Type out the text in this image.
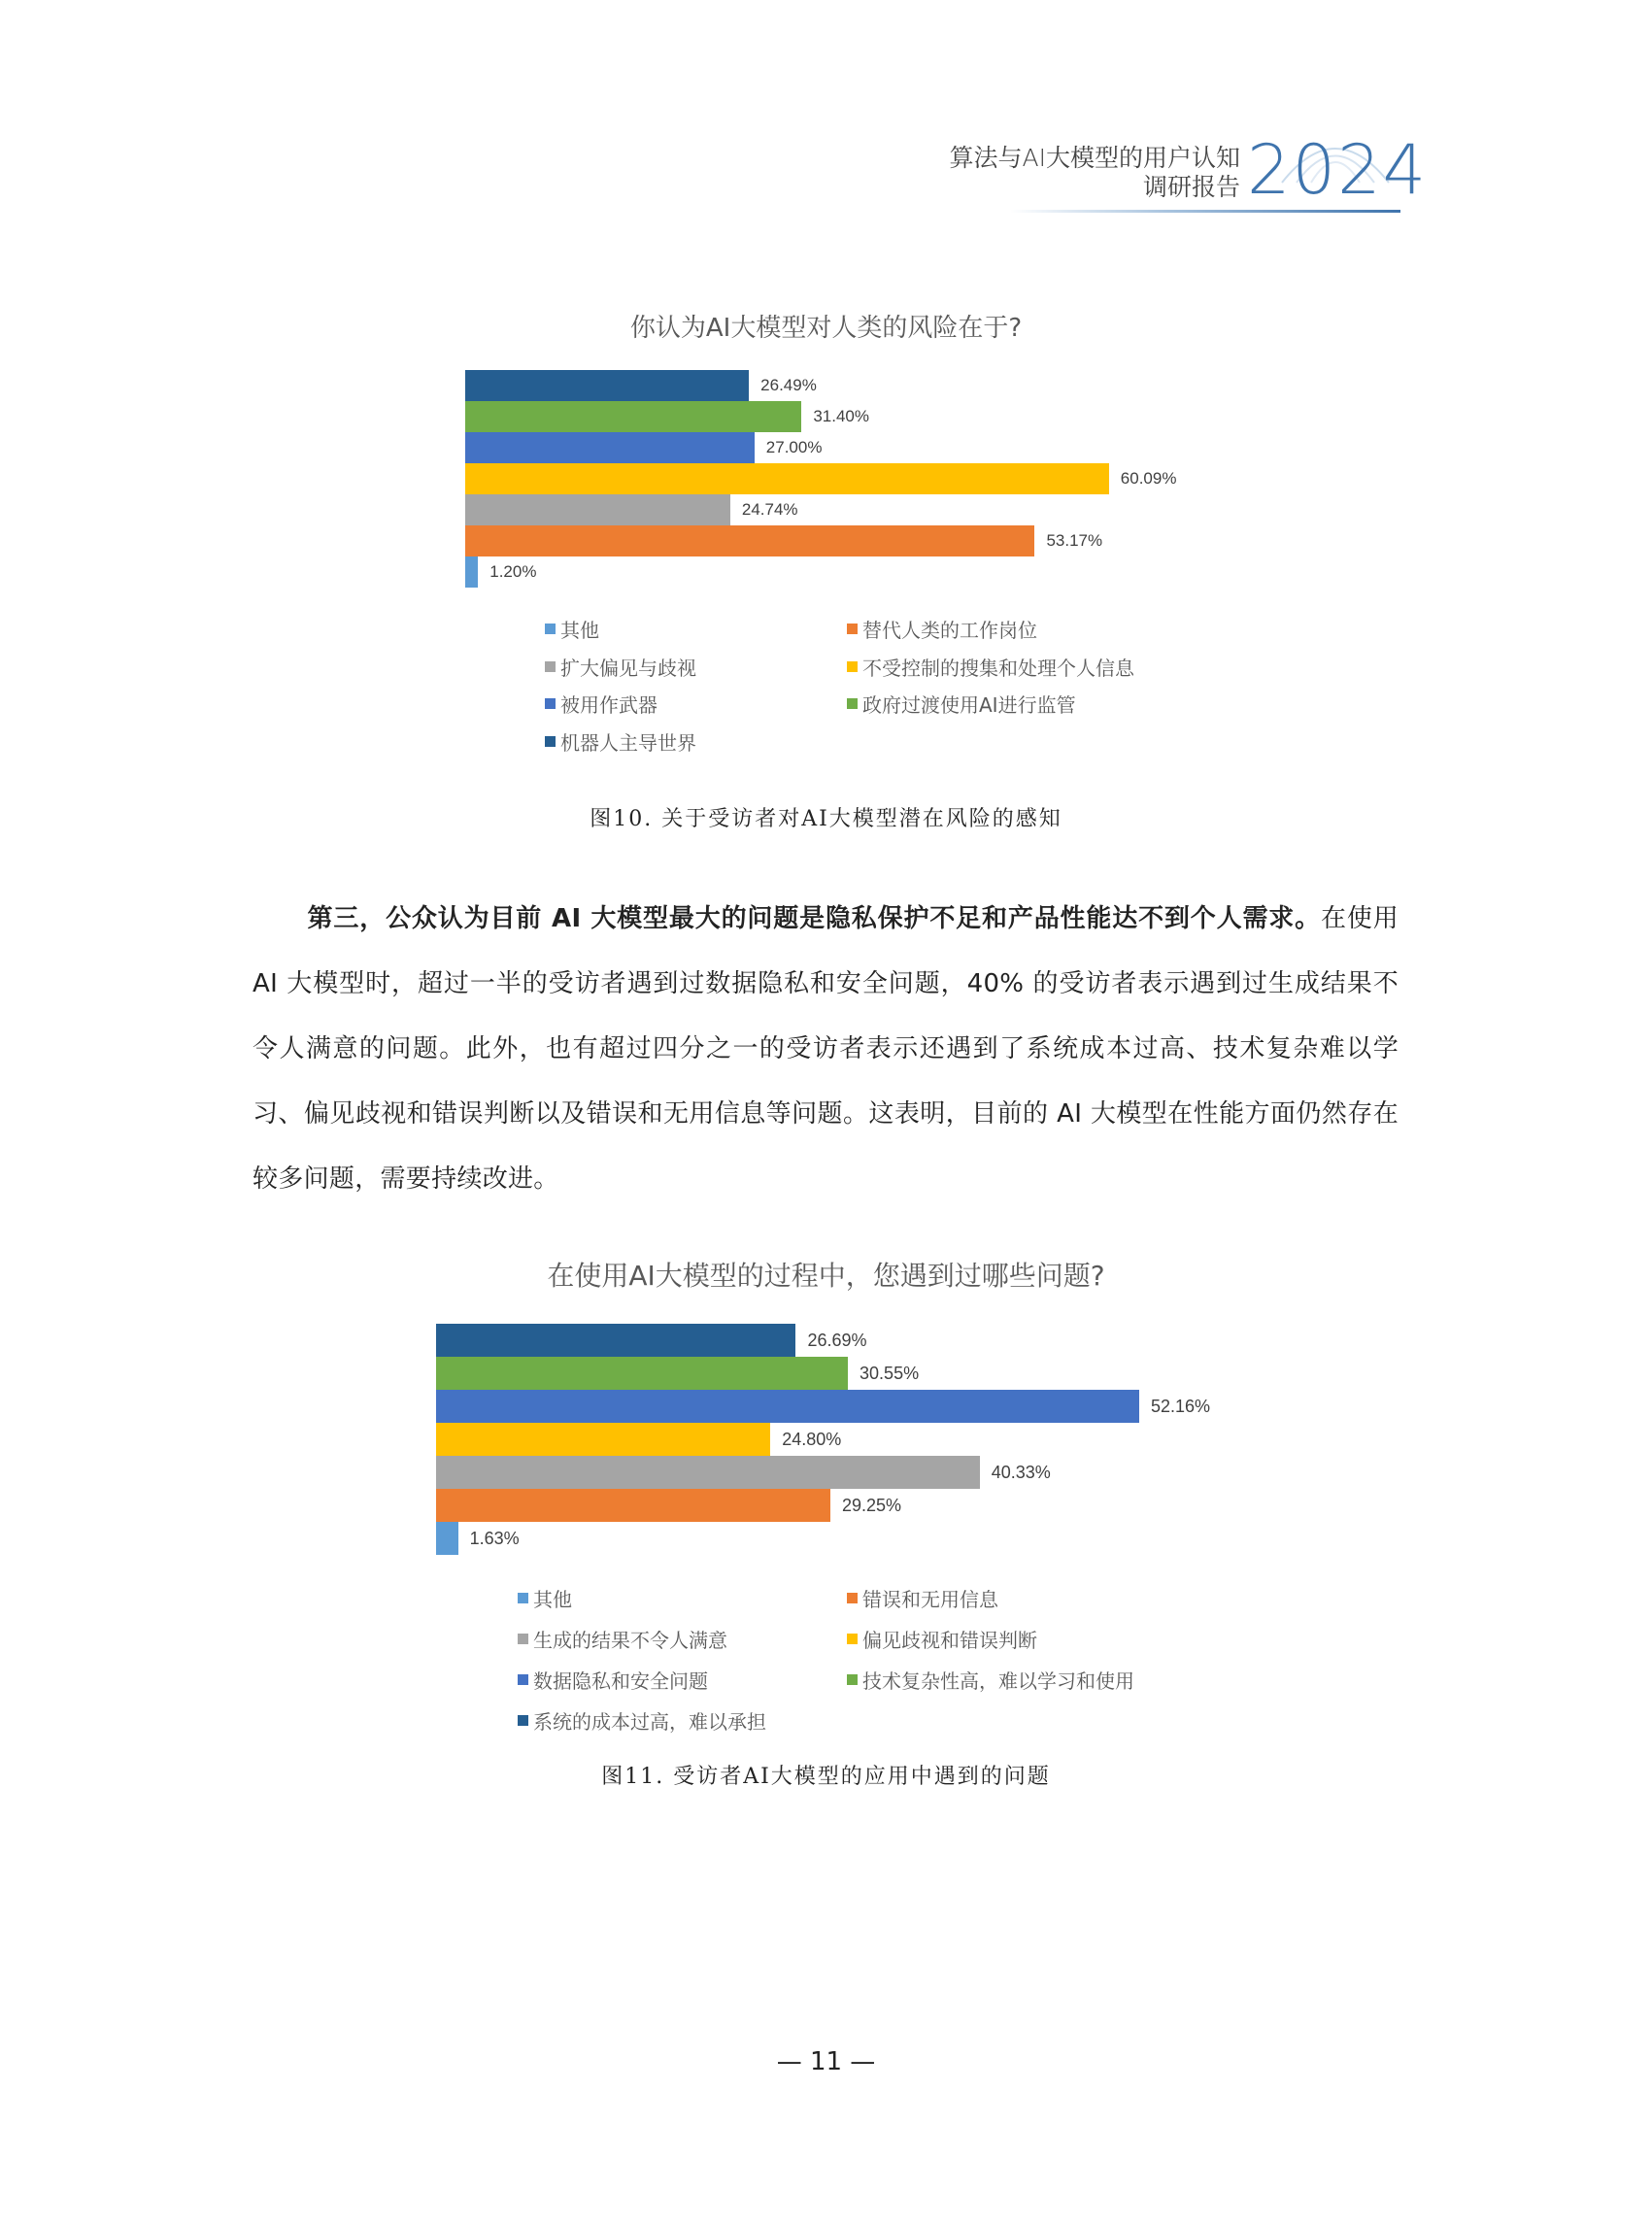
算法与AI大模型的用户认知
调研报告 2024
你认为AI大模型对人类的风险在于?
26.49%
31.40%
27.00%
60.09%
24.74%
53.17%
1.20%
其他	替代人类的工作岗位
扩大偏见与歧视	不受控制的搜集和处理个人信息
被用作武器	政府过渡使用AI进行监管
机器人主导世界
图10. 关于受访者对AI大模型潜在风险的感知
第三，公众认为目前 AI 大模型最大的问题是隐私保护不足和产品性能达不到个人需求。在使用 AI 大模型时，超过一半的受访者遇到过数据隐私和安全问题，40% 的受访者表示遇到过生成结果不令人满意的问题。此外，也有超过四分之一的受访者表示还遇到了系统成本过高、技术复杂难以学习、偏见歧视和错误判断以及错误和无用信息等问题。这表明，目前的 AI 大模型在性能方面仍然存在较多问题，需要持续改进。
在使用AI大模型的过程中，您遇到过哪些问题?
26.69%
30.55%
52.16%
24.80%
40.33%
29.25%
1.63%
其他	错误和无用信息
生成的结果不令人满意	偏见歧视和错误判断
数据隐私和安全问题	技术复杂性高，难以学习和使用
系统的成本过高，难以承担
图11. 受访者AI大模型的应用中遇到的问题
— 11 —
